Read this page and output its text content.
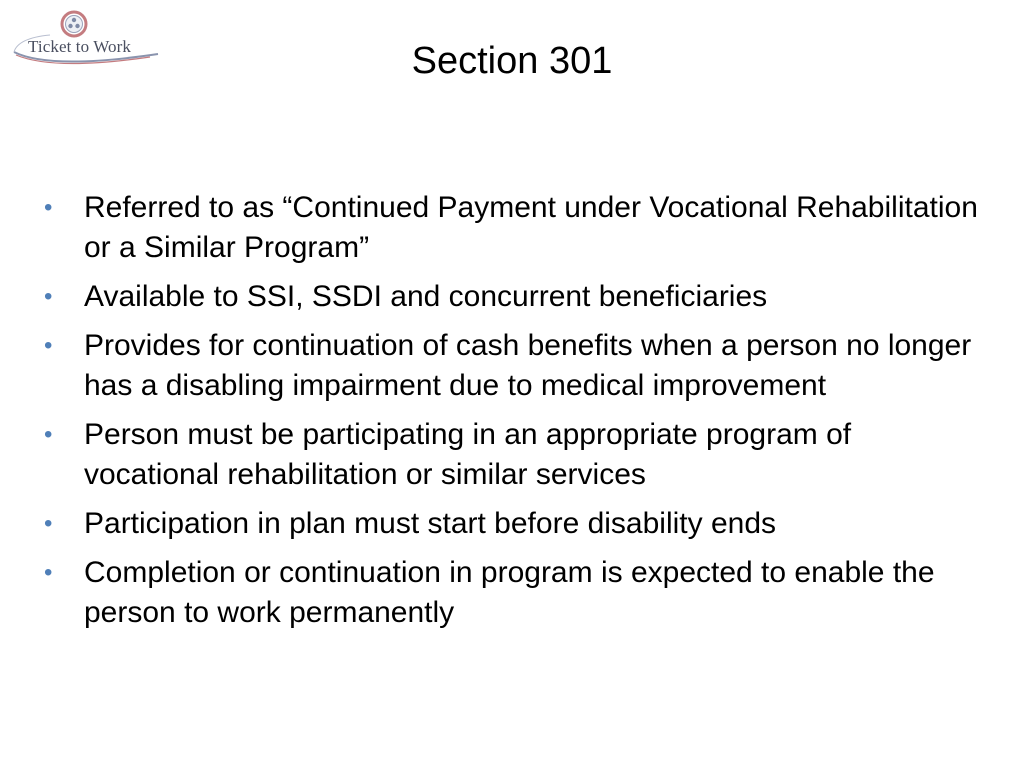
Ticket to Work	Section 301
• Referred to as “Continued Payment under Vocational Rehabilitation or a Similar Program”
• Available to SSI, SSDI and concurrent beneficiaries
• Provides for continuation of cash benefits when a person no longer has a disabling impairment due to medical improvement
• Person must be participating in an appropriate program of vocational rehabilitation or similar services
• Participation in plan must start before disability ends
• Completion or continuation in program is expected to enable the person to work permanently
